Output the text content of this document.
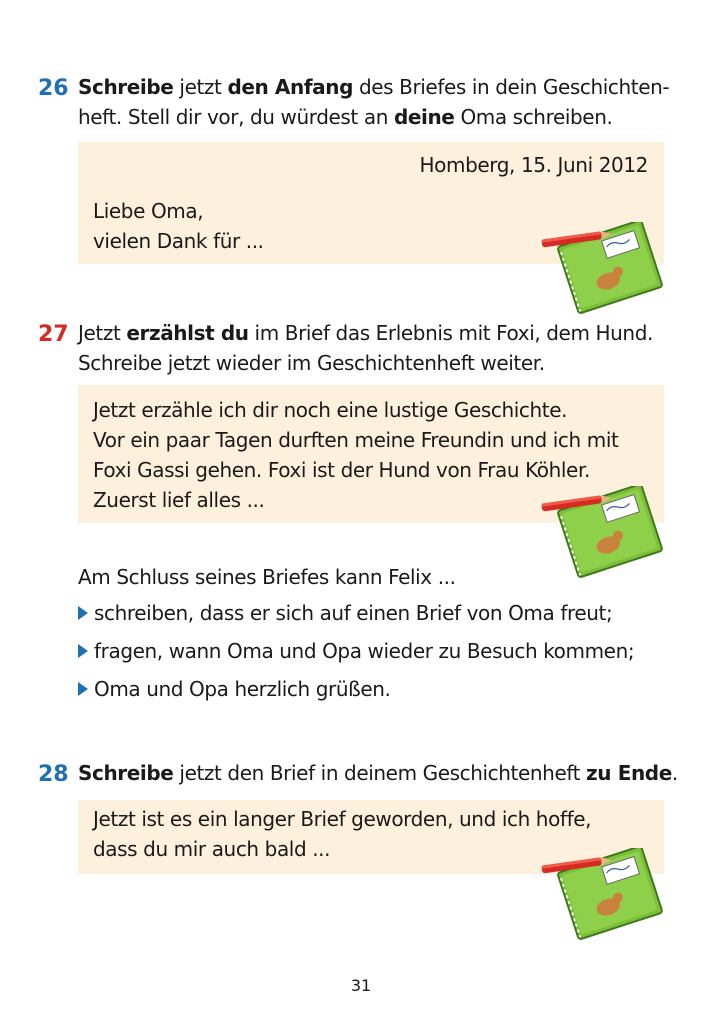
26 Schreibe jetzt den Anfang des Briefes in dein Geschichten-
heft. Stell dir vor, du würdest an deine Oma schreiben.

Homberg, 15. Juni 2012

Liebe Oma,

vielen Dank für ...

27 Jetzt erzählst du im Brief das Erlebnis mit Foxi, dem Hund.
Schreibe jetzt wieder im Geschichtenheft weiter.

Jetzt erzähle ich dir noch eine lustige Geschichte.

Vor ein paar Tagen durften meine Freundin und ich mit

Foxi Gassi gehen. Foxi ist der Hund von Frau Köhler.

Zuerst lief alles ...

Am Schluss seines Briefes kann Felix ...

schreiben, dass er sich auf einen Brief von Oma freut;
fragen, wann Oma und Opa wieder zu Besuch kommen;
Oma und Opa herzlich grüßen.
28 Schreibe jetzt den Brief in deinem Geschichtenheft zu Ende.

Jetzt ist es ein langer Brief geworden, und ich hoffe,

dass du mir auch bald ...

31
